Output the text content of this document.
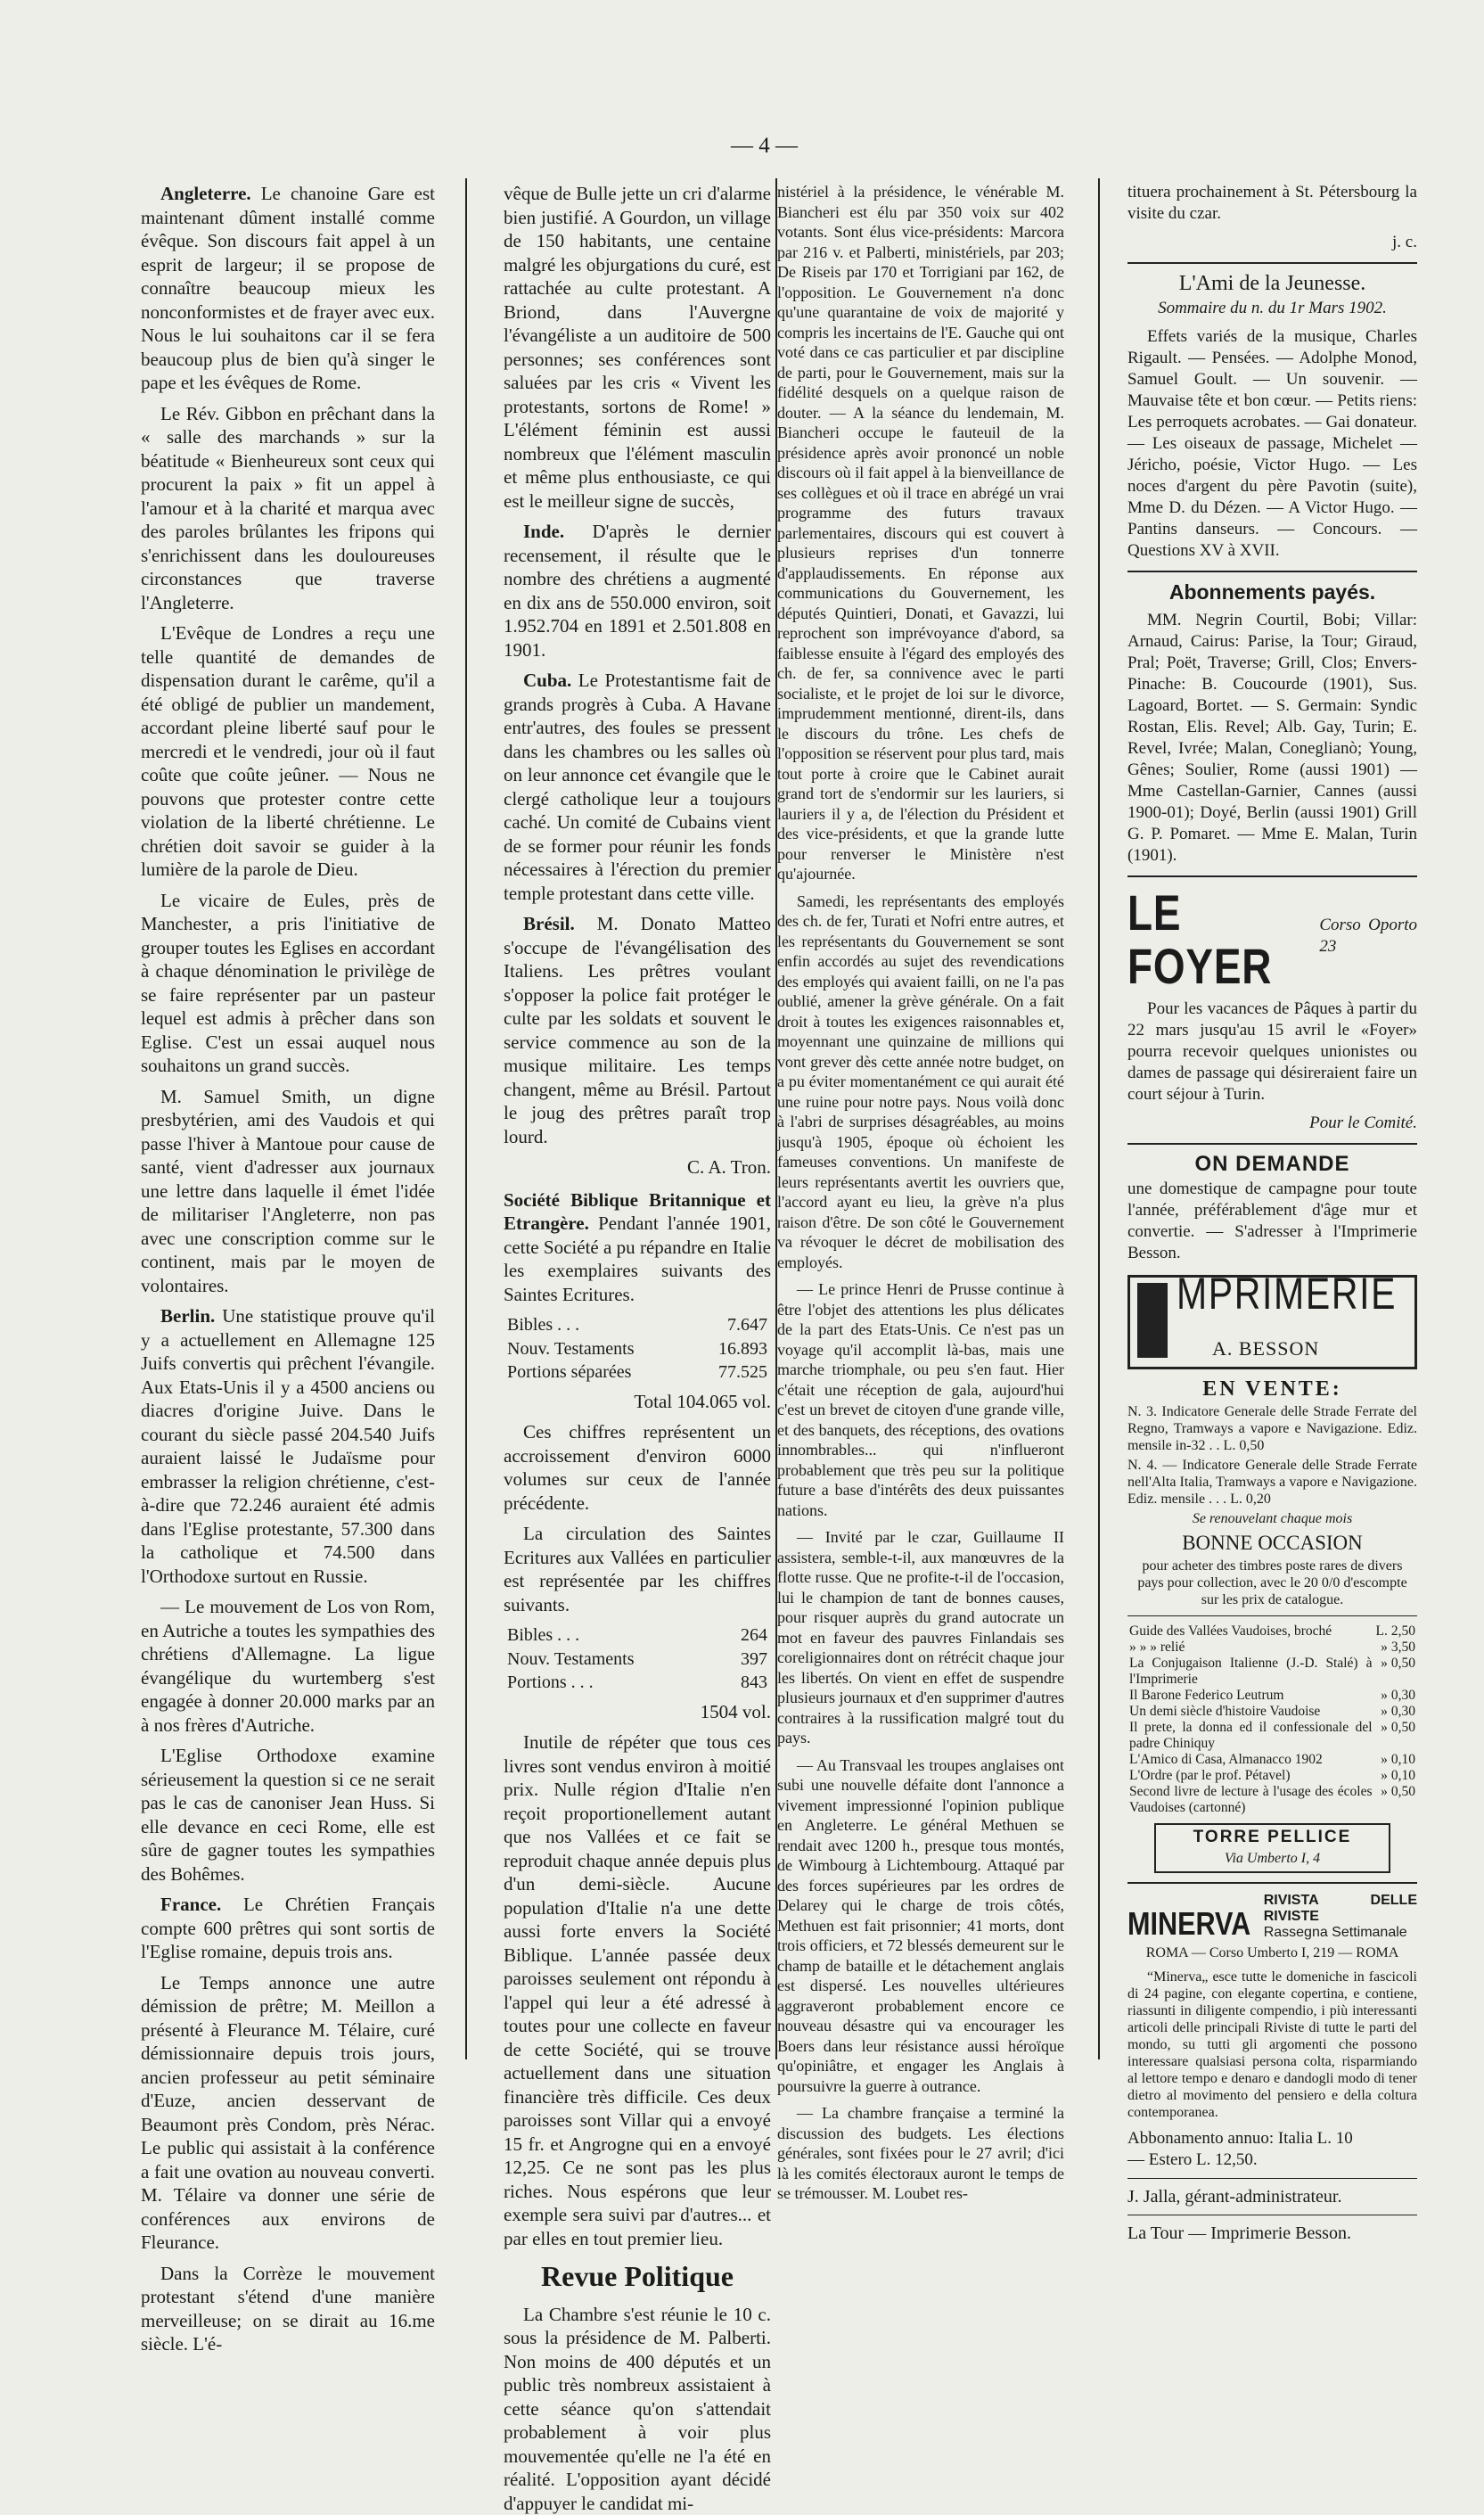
— 4 —

Angleterre. Le chanoine Gare est maintenant dûment installé comme évêque. Son discours fait appel à un esprit de largeur; il se propose de connaître beaucoup mieux les nonconformistes et de frayer avec eux. Nous le lui souhaitons car il se fera beaucoup plus de bien qu'à singer le pape et les évêques de Rome.

Le Rév. Gibbon en prêchant dans la « salle des marchands » sur la béatitude « Bienheureux sont ceux qui procurent la paix » fit un appel à l'amour et à la charité et marqua avec des paroles brûlantes les fripons qui s'enrichissent dans les douloureuses circonstances que traverse l'Angleterre.

L'Evêque de Londres a reçu une telle quantité de demandes de dispensation durant le carême, qu'il a été obligé de publier un mandement, accordant pleine liberté sauf pour le mercredi et le vendredi, jour où il faut coûte que coûte jeûner. — Nous ne pouvons que protester contre cette violation de la liberté chrétienne. Le chrétien doit savoir se guider à la lumière de la parole de Dieu.

Le vicaire de Eules, près de Manchester, a pris l'initiative de grouper toutes les Eglises en accordant à chaque dénomination le privilège de se faire représenter par un pasteur lequel est admis à prêcher dans son Eglise. C'est un essai auquel nous souhaitons un grand succès.

M. Samuel Smith, un digne presbytérien, ami des Vaudois et qui passe l'hiver à Mantoue pour cause de santé, vient d'adresser aux journaux une lettre dans laquelle il émet l'idée de militariser l'Angleterre, non pas avec une conscription comme sur le continent, mais par le moyen de volontaires.

Berlin. Une statistique prouve qu'il y a actuellement en Allemagne 125 Juifs convertis qui prêchent l'évangile. Aux Etats-Unis il y a 4500 anciens ou diacres d'origine Juive. Dans le courant du siècle passé 204.540 Juifs auraient laissé le Judaïsme pour embrasser la religion chrétienne, c'est-à-dire que 72.246 auraient été admis dans l'Eglise protestante, 57.300 dans la catholique et 74.500 dans l'Orthodoxe surtout en Russie.

— Le mouvement de Los von Rom, en Autriche a toutes les sympathies des chrétiens d'Allemagne. La ligue évangélique du wurtemberg s'est engagée à donner 20.000 marks par an à nos frères d'Autriche.

L'Eglise Orthodoxe examine sérieusement la question si ce ne serait pas le cas de canoniser Jean Huss. Si elle devance en ceci Rome, elle est sûre de gagner toutes les sympathies des Bohêmes.

France. Le Chrétien Français compte 600 prêtres qui sont sortis de l'Eglise romaine, depuis trois ans.

Le Temps annonce une autre démission de prêtre; M. Meillon a présenté à Fleurance M. Télaire, curé démissionnaire depuis trois jours, ancien professeur au petit séminaire d'Euze, ancien desservant de Beaumont près Condom, près Nérac. Le public qui assistait à la conférence a fait une ovation au nouveau converti. M. Télaire va donner une série de conférences aux environs de Fleurance.

Dans la Corrèze le mouvement protestant s'étend d'une manière merveilleuse; on se dirait au 16.me siècle. L'é-

vêque de Bulle jette un cri d'alarme bien justifié. A Gourdon, un village de 150 habitants, une centaine malgré les objurgations du curé, est rattachée au culte protestant. A Briond, dans l'Auvergne l'évangéliste a un auditoire de 500 personnes; ses conférences sont saluées par les cris « Vivent les protestants, sortons de Rome! » L'élément féminin est aussi nombreux que l'élément masculin et même plus enthousiaste, ce qui est le meilleur signe de succès,

Inde. D'après le dernier recensement, il résulte que le nombre des chrétiens a augmenté en dix ans de 550.000 environ, soit 1.952.704 en 1891 et 2.501.808 en 1901.

Cuba. Le Protestantisme fait de grands progrès à Cuba. A Havane entr'autres, des foules se pressent dans les chambres ou les salles où on leur annonce cet évangile que le clergé catholique leur a toujours caché. Un comité de Cubains vient de se former pour réunir les fonds nécessaires à l'érection du premier temple protestant dans cette ville.

Brésil. M. Donato Matteo s'occupe de l'évangélisation des Italiens. Les prêtres voulant s'opposer la police fait protéger le culte par les soldats et souvent le service commence au son de la musique militaire. Les temps changent, même au Brésil. Partout le joug des prêtres paraît trop lourd.

C. A. Tron.

Société Biblique Britannique et Etrangère. Pendant l'année 1901, cette Société a pu répandre en Italie les exemplaires suivants des Saintes Ecritures.

Bibles . . .	7.647
Nouv. Testaments	16.893
Portions séparées	77.525
Total 104.065 vol.

Ces chiffres représentent un accroissement d'environ 6000 volumes sur ceux de l'année précédente.

La circulation des Saintes Ecritures aux Vallées en particulier est représentée par les chiffres suivants.

Bibles . . .	264
Nouv. Testaments	397
Portions . . .	843
1504 vol.

Inutile de répéter que tous ces livres sont vendus environ à moitié prix. Nulle région d'Italie n'en reçoit proportionellement autant que nos Vallées et ce fait se reproduit chaque année depuis plus d'un demi-siècle. Aucune population d'Italie n'a une dette aussi forte envers la Société Biblique. L'année passée deux paroisses seulement ont répondu à l'appel qui leur a été adressé à toutes pour une collecte en faveur de cette Société, qui se trouve actuellement dans une situation financière très difficile. Ces deux paroisses sont Villar qui a envoyé 15 fr. et Angrogne qui en a envoyé 12,25. Ce ne sont pas les plus riches. Nous espérons que leur exemple sera suivi par d'autres... et par elles en tout premier lieu.

Revue Politique

La Chambre s'est réunie le 10 c. sous la présidence de M. Palberti. Non moins de 400 députés et un public très nombreux assistaient à cette séance qu'on s'attendait probablement à voir plus mouvementée qu'elle ne l'a été en réalité. L'opposition ayant décidé d'appuyer le candidat mi-

nistériel à la présidence, le vénérable M. Biancheri est élu par 350 voix sur 402 votants. Sont élus vice-présidents: Marcora par 216 v. et Palberti, ministériels, par 203; De Riseis par 170 et Torrigiani par 162, de l'opposition. Le Gouvernement n'a donc qu'une quarantaine de voix de majorité y compris les incertains de l'E. Gauche qui ont voté dans ce cas particulier et par discipline de parti, pour le Gouvernement, mais sur la fidélité desquels on a quelque raison de douter. — A la séance du lendemain, M. Biancheri occupe le fauteuil de la présidence après avoir prononcé un noble discours où il fait appel à la bienveillance de ses collègues et où il trace en abrégé un vrai programme des futurs travaux parlementaires, discours qui est couvert à plusieurs reprises d'un tonnerre d'applaudissements. En réponse aux communications du Gouvernement, les députés Quintieri, Donati, et Gavazzi, lui reprochent son imprévoyance d'abord, sa faiblesse ensuite à l'égard des employés des ch. de fer, sa connivence avec le parti socialiste, et le projet de loi sur le divorce, imprudemment mentionné, dirent-ils, dans le discours du trône. Les chefs de l'opposition se réservent pour plus tard, mais tout porte à croire que le Cabinet aurait grand tort de s'endormir sur les lauriers, si lauriers il y a, de l'élection du Président et des vice-présidents, et que la grande lutte pour renverser le Ministère n'est qu'ajournée.

Samedi, les représentants des employés des ch. de fer, Turati et Nofri entre autres, et les représentants du Gouvernement se sont enfin accordés au sujet des revendications des employés qui avaient failli, on ne l'a pas oublié, amener la grève générale. On a fait droit à toutes les exigences raisonnables et, moyennant une quinzaine de millions qui vont grever dès cette année notre budget, on a pu éviter momentanément ce qui aurait été une ruine pour notre pays. Nous voilà donc à l'abri de surprises désagréables, au moins jusqu'à 1905, époque où échoient les fameuses conventions. Un manifeste de leurs représentants avertit les ouvriers que, l'accord ayant eu lieu, la grève n'a plus raison d'être. De son côté le Gouvernement va révoquer le décret de mobilisation des employés.

— Le prince Henri de Prusse continue à être l'objet des attentions les plus délicates de la part des Etats-Unis. Ce n'est pas un voyage qu'il accomplit là-bas, mais une marche triomphale, ou peu s'en faut. Hier c'était une réception de gala, aujourd'hui c'est un brevet de citoyen d'une grande ville, et des banquets, des réceptions, des ovations innombrables... qui n'influeront probablement que très peu sur la politique future a base d'intérêts des deux puissantes nations.

— Invité par le czar, Guillaume II assistera, semble-t-il, aux manœuvres de la flotte russe. Que ne profite-t-il de l'occasion, lui le champion de tant de bonnes causes, pour risquer auprès du grand autocrate un mot en faveur des pauvres Finlandais ses coreligionnaires dont on rétrécit chaque jour les libertés. On vient en effet de suspendre plusieurs journaux et d'en supprimer d'autres contraires à la russification malgré tout du pays.

— Au Transvaal les troupes anglaises ont subi une nouvelle défaite dont l'annonce a vivement impressionné l'opinion publique en Angleterre. Le général Methuen se rendait avec 1200 h., presque tous montés, de Wimbourg à Lichtembourg. Attaqué par des forces supérieures par les ordres de Delarey qui le charge de trois côtés, Methuen est fait prisonnier; 41 morts, dont trois officiers, et 72 blessés demeurent sur le champ de bataille et le détachement anglais est dispersé. Les nouvelles ultérieures aggraveront probablement encore ce nouveau désastre qui va encourager les Boers dans leur résistance aussi héroïque qu'opiniâtre, et engager les Anglais à poursuivre la guerre à outrance.

— La chambre française a terminé la discussion des budgets. Les élections générales, sont fixées pour le 27 avril; d'ici là les comités électoraux auront le temps de se trémousser. M. Loubet res-

tituera prochainement à St. Pétersbourg la visite du czar.

j. c.
L'Ami de la Jeunesse.
Sommaire du n. du 1r Mars 1902.

Effets variés de la musique, Charles Rigault. — Pensées. — Adolphe Monod, Samuel Goult. — Un souvenir. — Mauvaise tête et bon cœur. — Petits riens: Les perroquets acrobates. — Gai donateur. — Les oiseaux de passage, Michelet — Jéricho, poésie, Victor Hugo. — Les noces d'argent du père Pavotin (suite), Mme D. du Dézen. — A Victor Hugo. — Pantins danseurs. — Concours. — Questions XV à XVII.

Abonnements payés.

MM. Negrin Courtil, Bobi; Villar: Arnaud, Cairus: Parise, la Tour; Giraud, Pral; Poët, Traverse; Grill, Clos; Envers-Pinache: B. Coucourde (1901), Sus. Lagoard, Bortet. — S. Germain: Syndic Rostan, Elis. Revel; Alb. Gay, Turin; E. Revel, Ivrée; Malan, Coneglianò; Young, Gênes; Soulier, Rome (aussi 1901) — Mme Castellan-Garnier, Cannes (aussi 1900-01); Doyé, Berlin (aussi 1901) Grill G. P. Pomaret. — Mme E. Malan, Turin (1901).

LE FOYER
Corso Oporto 23

Pour les vacances de Pâques à partir du 22 mars jusqu'au 15 avril le «Foyer» pourra recevoir quelques unionistes ou dames de passage qui désireraient faire un court séjour à Turin.

Pour le Comité.
ON DEMANDE

une domestique de campagne pour toute l'année, préférablement d'âge mur et convertie. — S'adresser à l'Imprimerie Besson.

MPRIMERIE
A. BESSON
EN VENTE:
N. 3. Indicatore Generale delle Strade Ferrate del Regno, Tramways a vapore e Navigazione. Ediz. mensile in-32 . . L. 0,50
N. 4. — Indicatore Generale delle Strade Ferrate nell'Alta Italia, Tramways a vapore e Navigazione. Ediz. mensile . . . L. 0,20
Se renouvelant chaque mois
BONNE OCCASION
pour acheter des timbres poste rares de divers pays pour collection, avec le 20 0/0 d'escompte sur les prix de catalogue.
Guide des Vallées Vaudoises, broché	L.	2,50
» » » relié	»	3,50
La Conjugaison Italienne (J.-D. Stalé) à l'Imprimerie	»	0,50
Il Barone Federico Leutrum	»	0,30
Un demi siècle d'histoire Vaudoise	»	0,30
Il prete, la donna ed il confessionale del padre Chiniquy	»	0,50
L'Amico di Casa, Almanacco 1902	»	0,10
L'Ordre (par le prof. Pétavel)	»	0,10
Second livre de lecture à l'usage des écoles Vaudoises (cartonné)	»	0,50
TORRE PELLICE
Via Umberto I, 4
MINERVA
RIVISTA DELLE RIVISTE
Rassegna Settimanale
ROMA — Corso Umberto I, 219 — ROMA

“Minerva„ esce tutte le domeniche in fascicoli di 24 pagine, con elegante copertina, e contiene, riassunti in diligente compendio, i più interessanti articoli delle principali Riviste di tutte le parti del mondo, su tutti gli argomenti che possono interessare qualsiasi persona colta, risparmiando al lettore tempo e denaro e dandogli modo di tener dietro al movimento del pensiero e della coltura contemporanea.

Abbonamento annuo: Italia L. 10
— Estero L. 12,50.
J. Jalla, gérant-administrateur.
La Tour — Imprimerie Besson.
